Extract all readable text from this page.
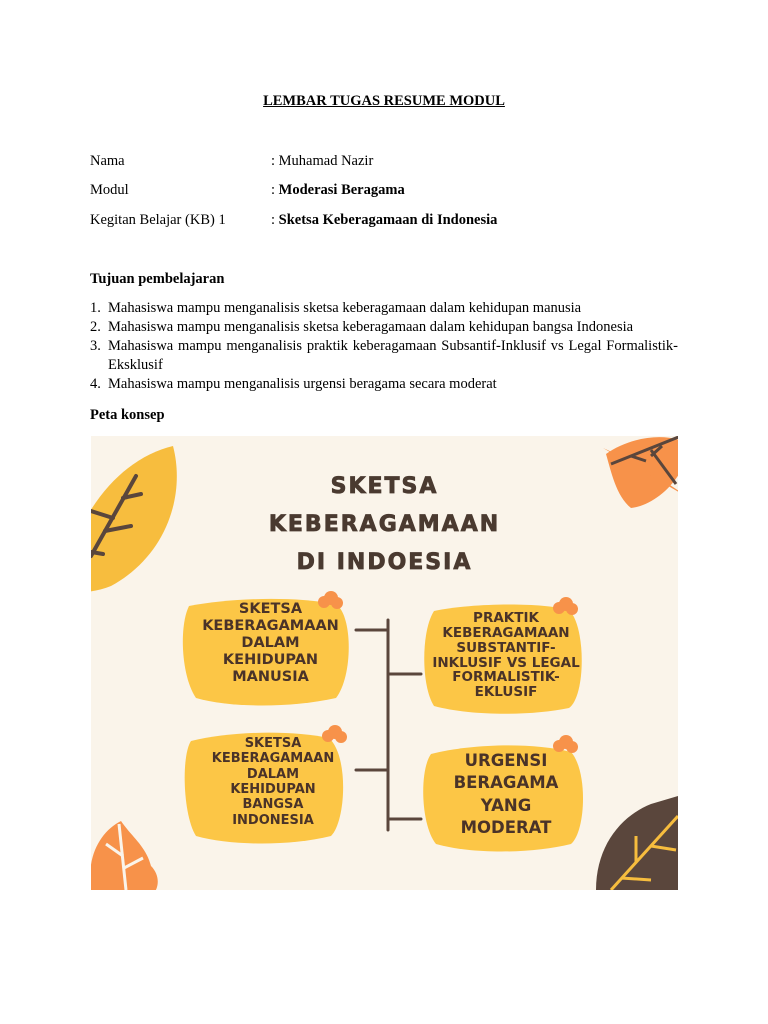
LEMBAR TUGAS RESUME MODUL
Nama	: Muhamad Nazir
Modul	: Moderasi Beragama
Kegitan Belajar (KB) 1	: Sketsa Keberagamaan di Indonesia
Tujuan pembelajaran
1. Mahasiswa mampu menganalisis sketsa keberagamaan dalam kehidupan manusia
2. Mahasiswa mampu menganalisis sketsa keberagamaan dalam kehidupan bangsa Indonesia
3. Mahasiswa mampu menganalisis praktik keberagamaan Subsantif-Inklusif vs Legal Formalistik-Eksklusif
4. Mahasiswa mampu menganalisis urgensi beragama secara moderat
Peta konsep
SKETSA
KEBERAGAMAAN
DI INDOESIA
SKETSA
KEBERAGAMAAN
DALAM
KEHIDUPAN
MANUSIA
SKETSA
KEBERAGAMAAN
DALAM
KEHIDUPAN
BANGSA
INDONESIA
PRAKTIK
KEBERAGAMAAN
SUBSTANTIF-
INKLUSIF VS LEGAL
FORMALISTIK-
EKLUSIF
URGENSI
BERAGAMA
YANG
MODERAT
